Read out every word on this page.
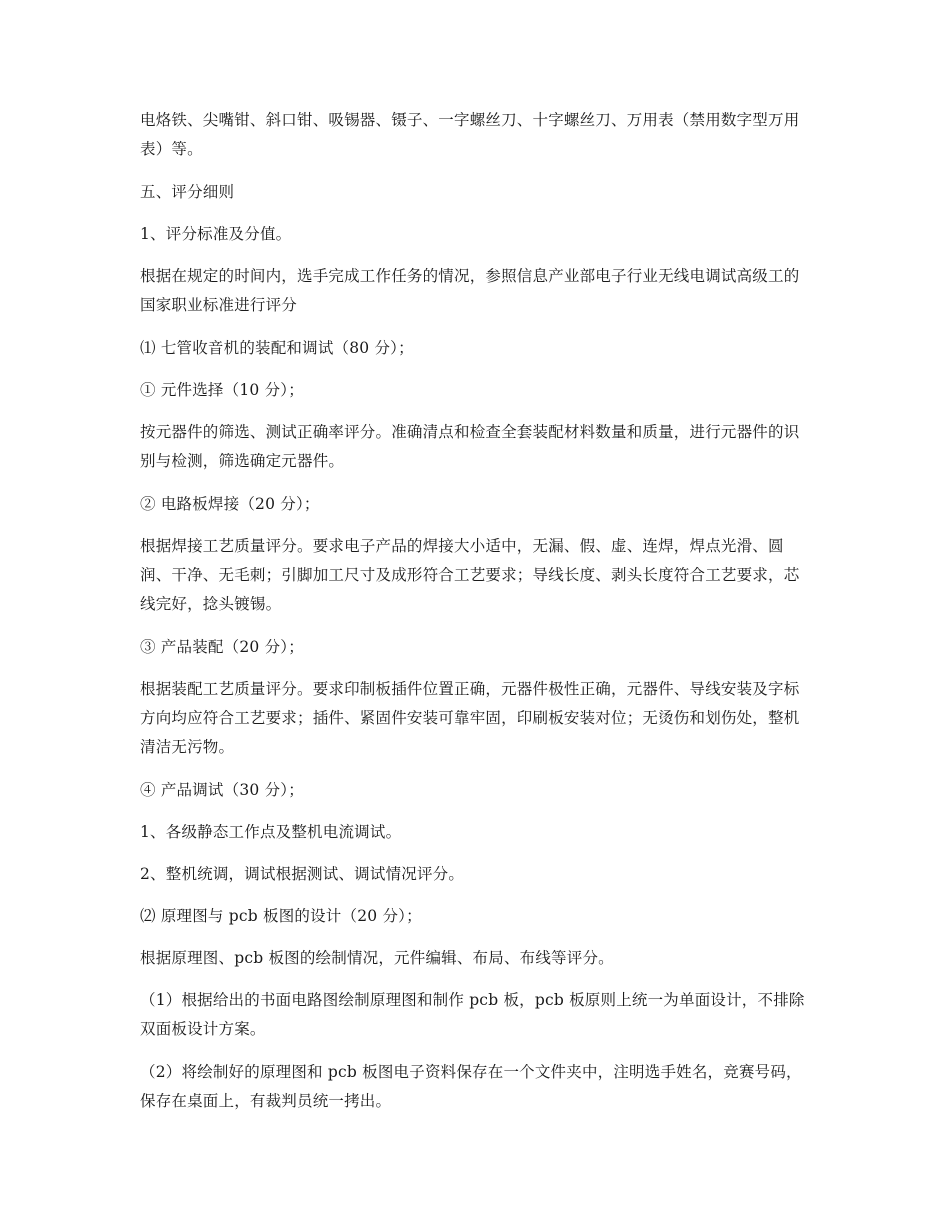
电烙铁、尖嘴钳、斜口钳、吸锡器、镊子、一字螺丝刀、十字螺丝刀、万用表（禁用数字型万用表）等。

五、评分细则

1、评分标准及分值。

根据在规定的时间内，选手完成工作任务的情况，参照信息产业部电子行业无线电调试高级工的国家职业标准进行评分

⑴ 七管收音机的装配和调试（80 分）；

① 元件选择（10 分）；

按元器件的筛选、测试正确率评分。准确清点和检查全套装配材料数量和质量，进行元器件的识别与检测，筛选确定元器件。

② 电路板焊接（20 分）；

根据焊接工艺质量评分。要求电子产品的焊接大小适中，无漏、假、虚、连焊，焊点光滑、圆润、干净、无毛刺；引脚加工尺寸及成形符合工艺要求；导线长度、剥头长度符合工艺要求，芯线完好，捻头镀锡。

③ 产品装配（20 分）；

根据装配工艺质量评分。要求印制板插件位置正确，元器件极性正确，元器件、导线安装及字标方向均应符合工艺要求；插件、紧固件安装可靠牢固，印刷板安装对位；无烫伤和划伤处，整机清洁无污物。

④ 产品调试（30 分）；

1、各级静态工作点及整机电流调试。

2、整机统调，调试根据测试、调试情况评分。

⑵ 原理图与 pcb 板图的设计（20 分）；

根据原理图、pcb 板图的绘制情况，元件编辑、布局、布线等评分。

（1）根据给出的书面电路图绘制原理图和制作 pcb 板，pcb 板原则上统一为单面设计，不排除双面板设计方案。

（2）将绘制好的原理图和 pcb 板图电子资料保存在一个文件夹中，注明选手姓名，竞赛号码，保存在桌面上，有裁判员统一拷出。
